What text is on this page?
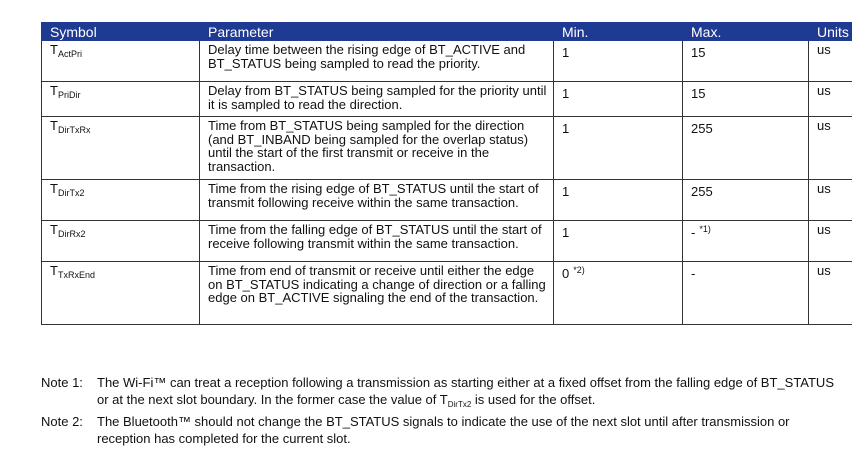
Symbol	Parameter	Min.	Max.	Units
$T_{ActPri}$	Delay time between the rising edge of BT_ACTIVE and BT_STATUS being sampled to read the priority.	1	15	us
$T_{PriDir}$	Delay from BT_STATUS being sampled for the priority until it is sampled to read the direction.	1	15	us
$T_{DirTxRx}$	Time from BT_STATUS being sampled for the direction (and BT_INBAND being sampled for the overlap status) until the start of the first transmit or receive in the transaction.	1	255	us
$T_{DirTx2}$	Time from the rising edge of BT_STATUS until the start of transmit following receive within the same transaction.	1	255	us
$T_{DirRx2}$	Time from the falling edge of BT_STATUS until the start of receive following transmit within the same transaction.	1	- $^{*1)}$	us
$T_{TxRxEnd}$	Time from end of transmit or receive until either the edge on BT_STATUS indicating a change of direction or a falling edge on BT_ACTIVE signaling the end of the transaction.	0 $^{*2)}$	-	us
Note 1:	The Wi-Fi™ can treat a reception following a transmission as starting either at a fixed offset from the falling edge of BT_STATUS or at the next slot boundary. In the former case the value of $T_{DirTx2}$ is used for the offset.
Note 2:	The Bluetooth™ should not change the BT_STATUS signals to indicate the use of the next slot until after transmission or reception has completed for the current slot.
